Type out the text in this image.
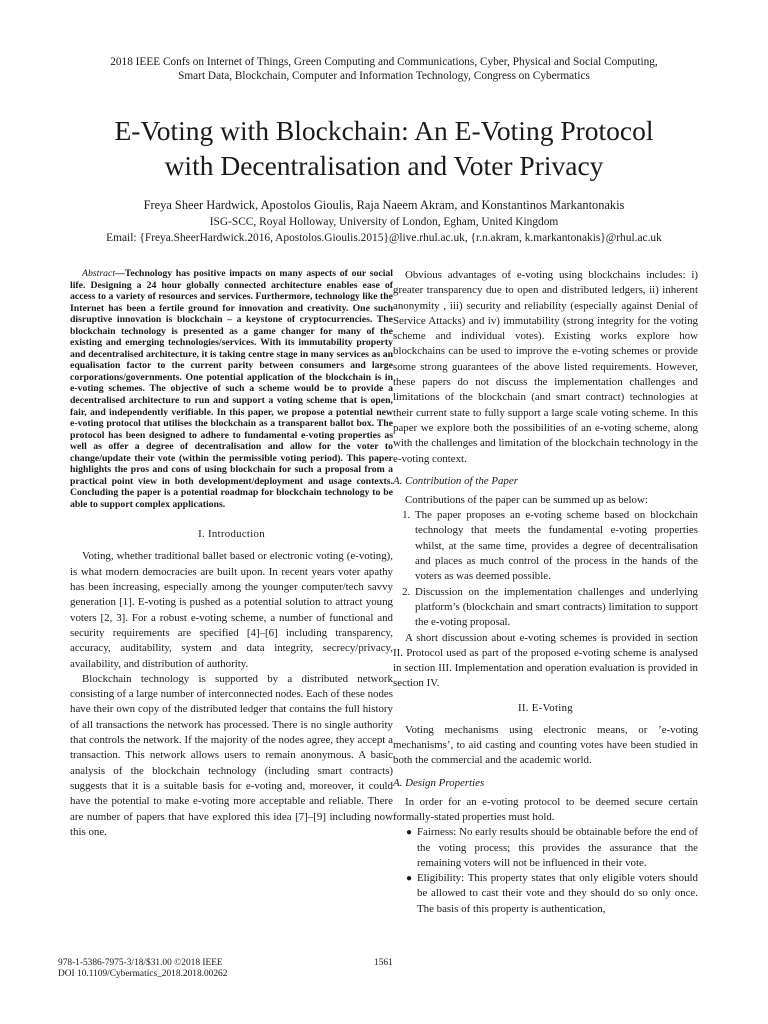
2018 IEEE Confs on Internet of Things, Green Computing and Communications, Cyber, Physical and Social Computing,
Smart Data, Blockchain, Computer and Information Technology, Congress on Cybermatics
E-Voting with Blockchain: An E-Voting Protocol
with Decentralisation and Voter Privacy
Freya Sheer Hardwick, Apostolos Gioulis, Raja Naeem Akram, and Konstantinos Markantonakis
ISG-SCC, Royal Holloway, University of London, Egham, United Kingdom
Email: {Freya.SheerHardwick.2016, Apostolos.Gioulis.2015}@live.rhul.ac.uk, {r.n.akram, k.markantonakis}@rhul.ac.uk

Abstract—Technology has positive impacts on many aspects of our social life. Designing a 24 hour globally connected architecture enables ease of access to a variety of resources and services. Furthermore, technology like the Internet has been a fertile ground for innovation and creativity. One such disruptive innovation is blockchain – a keystone of cryptocurrencies. The blockchain technology is presented as a game changer for many of the existing and emerging technologies/services. With its immutability property and decentralised architecture, it is taking centre stage in many services as an equalisation factor to the current parity between consumers and large corporations/governments. One potential application of the blockchain is in e-voting schemes. The objective of such a scheme would be to provide a decentralised architecture to run and support a voting scheme that is open, fair, and independently verifiable. In this paper, we propose a potential new e-voting protocol that utilises the blockchain as a transparent ballot box. The protocol has been designed to adhere to fundamental e-voting properties as well as offer a degree of decentralisation and allow for the voter to change/update their vote (within the permissible voting period). This paper highlights the pros and cons of using blockchain for such a proposal from a practical point view in both development/deployment and usage contexts. Concluding the paper is a potential roadmap for blockchain technology to be able to support complex applications.

I. Introduction

Voting, whether traditional ballet based or electronic voting (e-voting), is what modern democracies are built upon. In recent years voter apathy has been increasing, especially among the younger computer/tech savvy generation [1]. E-voting is pushed as a potential solution to attract young voters [2, 3]. For a robust e-voting scheme, a number of functional and security requirements are specified [4]–[6] including transparency, accuracy, auditability, system and data integrity, secrecy/privacy, availability, and distribution of authority.

Blockchain technology is supported by a distributed network consisting of a large number of interconnected nodes. Each of these nodes have their own copy of the distributed ledger that contains the full history of all transactions the network has processed. There is no single authority that controls the network. If the majority of the nodes agree, they accept a transaction. This network allows users to remain anonymous. A basic analysis of the blockchain technology (including smart contracts) suggests that it is a suitable basis for e-voting and, moreover, it could have the potential to make e-voting more acceptable and reliable. There are number of papers that have explored this idea [7]–[9] including now this one.

Obvious advantages of e-voting using blockchains includes: i) greater transparency due to open and distributed ledgers, ii) inherent anonymity , iii) security and reliability (especially against Denial of Service Attacks) and iv) immutability (strong integrity for the voting scheme and individual votes). Existing works explore how blockchains can be used to improve the e-voting schemes or provide some strong guarantees of the above listed requirements. However, these papers do not discuss the implementation challenges and limitations of the blockchain (and smart contract) technologies at their current state to fully support a large scale voting scheme. In this paper we explore both the possibilities of an e-voting scheme, along with the challenges and limitation of the blockchain technology in the e-voting context.

A. Contribution of the Paper

Contributions of the paper can be summed up as below:

1. The paper proposes an e-voting scheme based on blockchain technology that meets the fundamental e-voting properties whilst, at the same time, provides a degree of decentralisation and places as much control of the process in the hands of the voters as was deemed possible.
2. Discussion on the implementation challenges and underlying platform’s (blockchain and smart contracts) limitation to support the e-voting proposal.

A short discussion about e-voting schemes is provided in section II. Protocol used as part of the proposed e-voting scheme is analysed in section III. Implementation and operation evaluation is provided in section IV.

II. E-Voting

Voting mechanisms using electronic means, or ’e-voting mechanisms’, to aid casting and counting votes have been studied in both the commercial and the academic world.

A. Design Properties

In order for an e-voting protocol to be deemed secure certain formally-stated properties must hold.

● Fairness: No early results should be obtainable before the end of the voting process; this provides the assurance that the remaining voters will not be influenced in their vote.
● Eligibility: This property states that only eligible voters should be allowed to cast their vote and they should do so only once. The basis of this property is authentication,
978-1-5386-7975-3/18/$31.00 ©2018 IEEE
DOI 10.1109/Cybermatics_2018.2018.00262
1561
